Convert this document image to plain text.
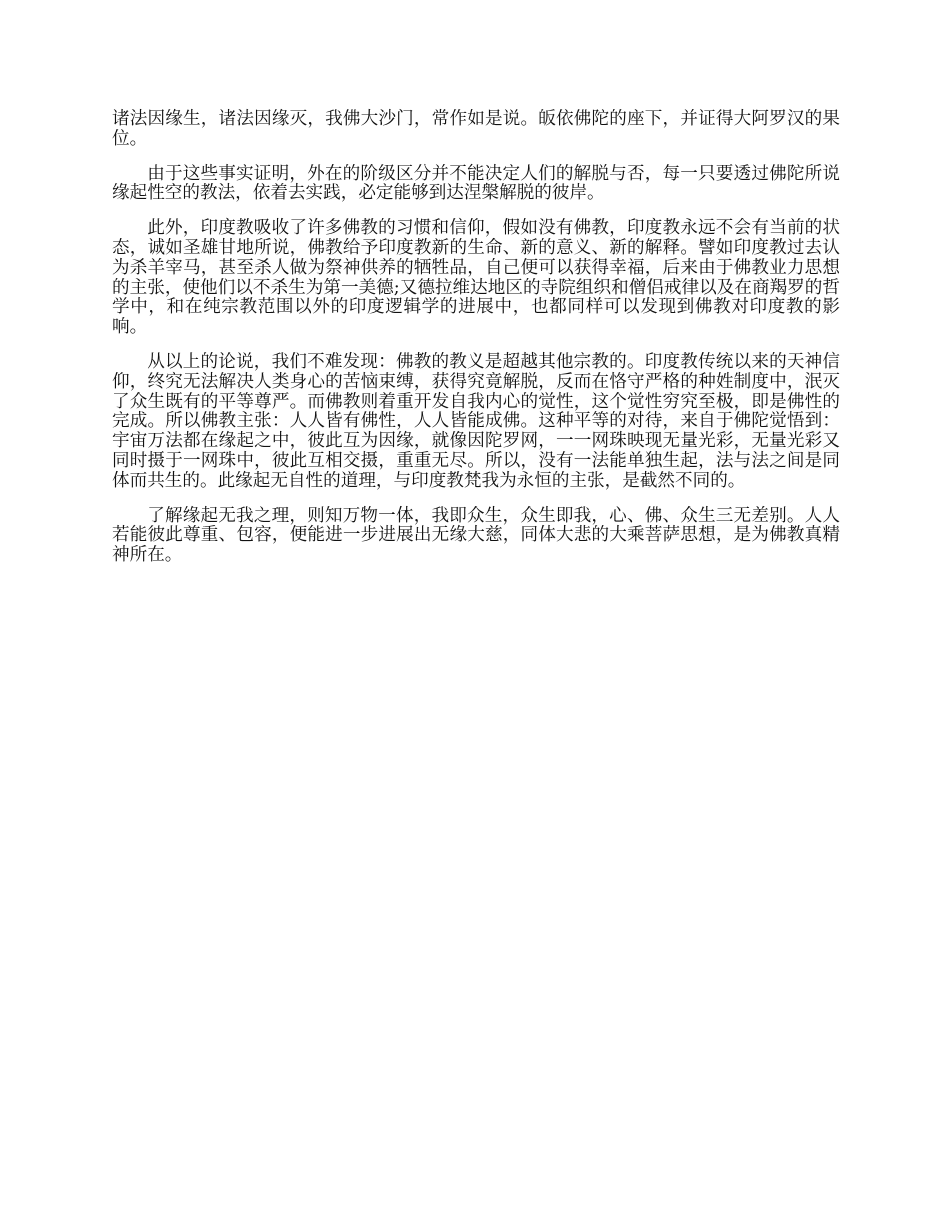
诸法因缘生，诸法因缘灭，我佛大沙门，常作如是说。皈依佛陀的座下，并证得大阿罗汉的果位。

由于这些事实证明，外在的阶级区分并不能决定人们的解脱与否，每一只要透过佛陀所说缘起性空的教法，依着去实践，必定能够到达涅槃解脱的彼岸。

此外，印度教吸收了许多佛教的习惯和信仰，假如没有佛教，印度教永远不会有当前的状态，诚如圣雄甘地所说，佛教给予印度教新的生命、新的意义、新的解释。譬如印度教过去认为杀羊宰马，甚至杀人做为祭神供养的牺牲品，自己便可以获得幸福，后来由于佛教业力思想的主张，使他们以不杀生为第一美德;又德拉维达地区的寺院组织和僧侣戒律以及在商羯罗的哲学中，和在纯宗教范围以外的印度逻辑学的进展中，也都同样可以发现到佛教对印度教的影响。

从以上的论说，我们不难发现：佛教的教义是超越其他宗教的。印度教传统以来的天神信仰，终究无法解决人类身心的苦恼束缚，获得究竟解脱，反而在恪守严格的种姓制度中，泯灭了众生既有的平等尊严。而佛教则着重开发自我内心的觉性，这个觉性穷究至极，即是佛性的完成。所以佛教主张：人人皆有佛性，人人皆能成佛。这种平等的对待，来自于佛陀觉悟到：宇宙万法都在缘起之中，彼此互为因缘，就像因陀罗网，一一网珠映现无量光彩，无量光彩又同时摄于一网珠中，彼此互相交摄，重重无尽。所以，没有一法能单独生起，法与法之间是同体而共生的。此缘起无自性的道理，与印度教梵我为永恒的主张，是截然不同的。

了解缘起无我之理，则知万物一体，我即众生，众生即我，心、佛、众生三无差别。人人若能彼此尊重、包容，便能进一步进展出无缘大慈，同体大悲的大乘菩萨思想，是为佛教真精神所在。
